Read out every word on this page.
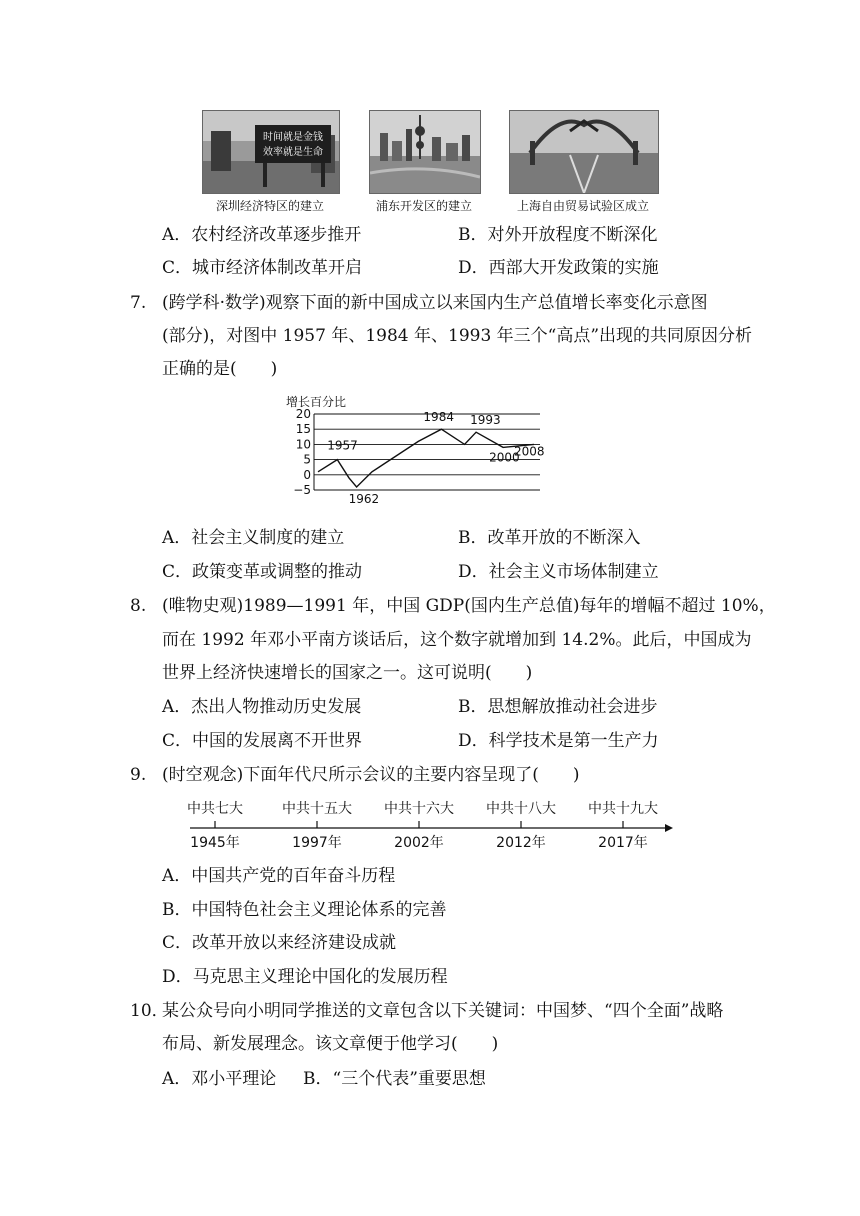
时间就是金钱
效率就是生命
深圳经济特区的建立	浦东开发区的建立	上海自由贸易试验区成立
A．农村经济改革逐步推开	B．对外开放程度不断深化
C．城市经济体制改革开启	D．西部大开发政策的实施
7. (跨学科·数学)观察下面的新中国成立以来国内生产总值增长率变化示意图
(部分)，对图中 1957 年、1984 年、1993 年三个“高点”出现的共同原因分析
正确的是(　　)
增长百分比
20
15
10
5
0
−5
1957
1962
1984 1993
2000
2008
A．社会主义制度的建立	B．改革开放的不断深入
C．政策变革或调整的推动	D．社会主义市场体制建立
8. (唯物史观)1989—1991 年，中国 GDP(国内生产总值)每年的增幅不超过 10%，
而在 1992 年邓小平南方谈话后，这个数字就增加到 14.2%。此后，中国成为
世界上经济快速增长的国家之一。这可说明(　　)
A．杰出人物推动历史发展	B．思想解放推动社会进步
C．中国的发展离不开世界	D．科学技术是第一生产力
9. (时空观念)下面年代尺所示会议的主要内容呈现了(　　)
中共七大
1945年
中共十五大
1997年
中共十六大
2002年
中共十八大
2012年
中共十九大
2017年
A．中国共产党的百年奋斗历程
B．中国特色社会主义理论体系的完善
C．改革开放以来经济建设成就
D．马克思主义理论中国化的发展历程
10．
某公众号向小明同学推送的文章包含以下关键词：中国梦、“四个全面”战略
布局、新发展理念。该文章便于他学习(　　)
A．邓小平理论 B．“三个代表”重要思想
